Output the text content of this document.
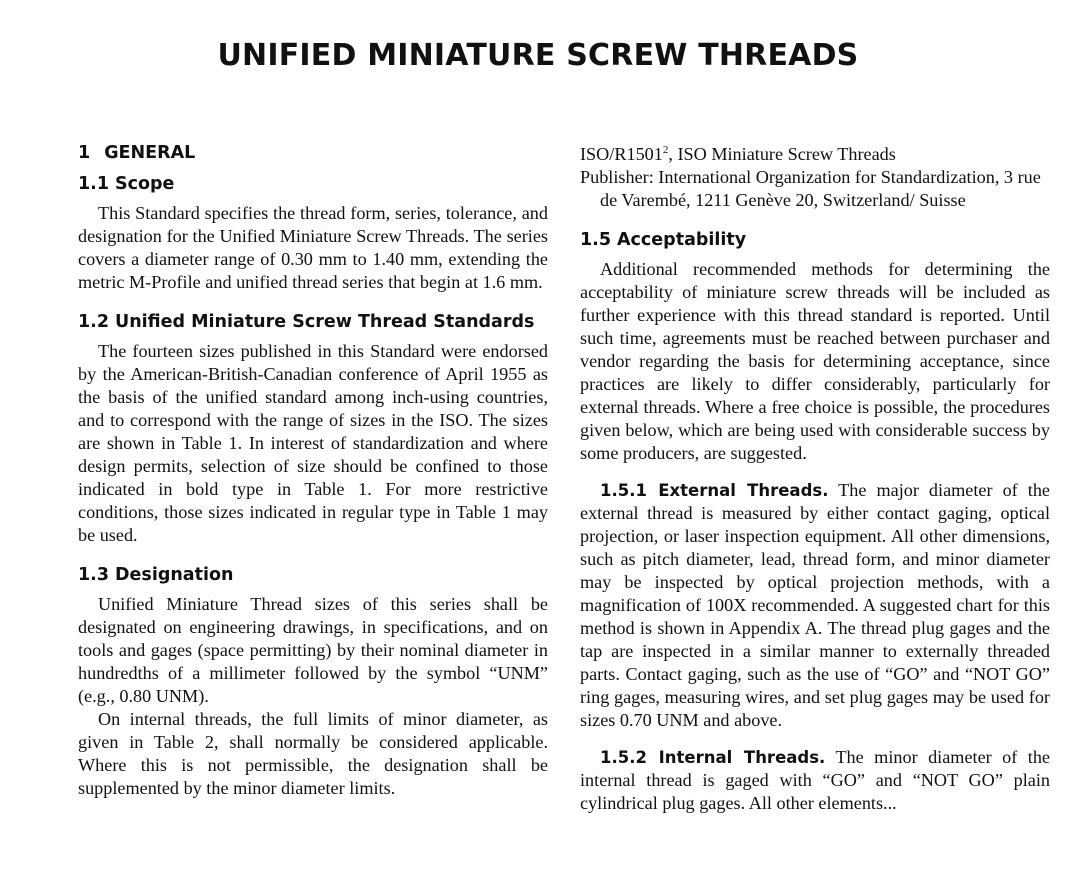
UNIFIED MINIATURE SCREW THREADS
1 GENERAL
1.1 Scope

This Standard specifies the thread form, series, tolerance, and designation for the Unified Miniature Screw Threads. The series covers a diameter range of 0.30 mm to 1.40 mm, extending the metric M-Profile and unified thread series that begin at 1.6 mm.

1.2 Unified Miniature Screw Thread Standards

The fourteen sizes published in this Standard were endorsed by the American-British-Canadian conference of April 1955 as the basis of the unified standard among inch-using countries, and to correspond with the range of sizes in the ISO. The sizes are shown in Table 1. In interest of standardization and where design permits, selection of size should be confined to those indicated in bold type in Table 1. For more restrictive conditions, those sizes indicated in regular type in Table 1 may be used.

1.3 Designation

Unified Miniature Thread sizes of this series shall be designated on engineering drawings, in specifications, and on tools and gages (space permitting) by their nominal diameter in hundredths of a millimeter followed by the symbol “UNM” (e.g., 0.80 UNM).

On internal threads, the full limits of minor diameter, as given in Table 2, shall normally be considered applicable. Where this is not permissible, the designation shall be supplemented by the minor diameter limits.

ISO/R1501$^2$, ISO Miniature Screw Threads

Publisher: International Organization for Standardization, 3 rue de Varembé, 1211 Genève 20, Switzerland/ Suisse

1.5 Acceptability

Additional recommended methods for determining the acceptability of miniature screw threads will be included as further experience with this thread standard is reported. Until such time, agreements must be reached between purchaser and vendor regarding the basis for determining acceptance, since practices are likely to differ considerably, particularly for external threads. Where a free choice is possible, the procedures given below, which are being used with considerable success by some producers, are suggested.

1.5.1 External Threads. The major diameter of the external thread is measured by either contact gaging, optical projection, or laser inspection equipment. All other dimensions, such as pitch diameter, lead, thread form, and minor diameter may be inspected by optical projection methods, with a magnification of 100X recommended. A suggested chart for this method is shown in Appendix A. The thread plug gages and the tap are inspected in a similar manner to externally threaded parts. Contact gaging, such as the use of “GO” and “NOT GO” ring gages, measuring wires, and set plug gages may be used for sizes 0.70 UNM and above.

1.5.2 Internal Threads. The minor diameter of the internal thread is gaged with “GO” and “NOT GO” plain cylindrical plug gages. All other elements...
